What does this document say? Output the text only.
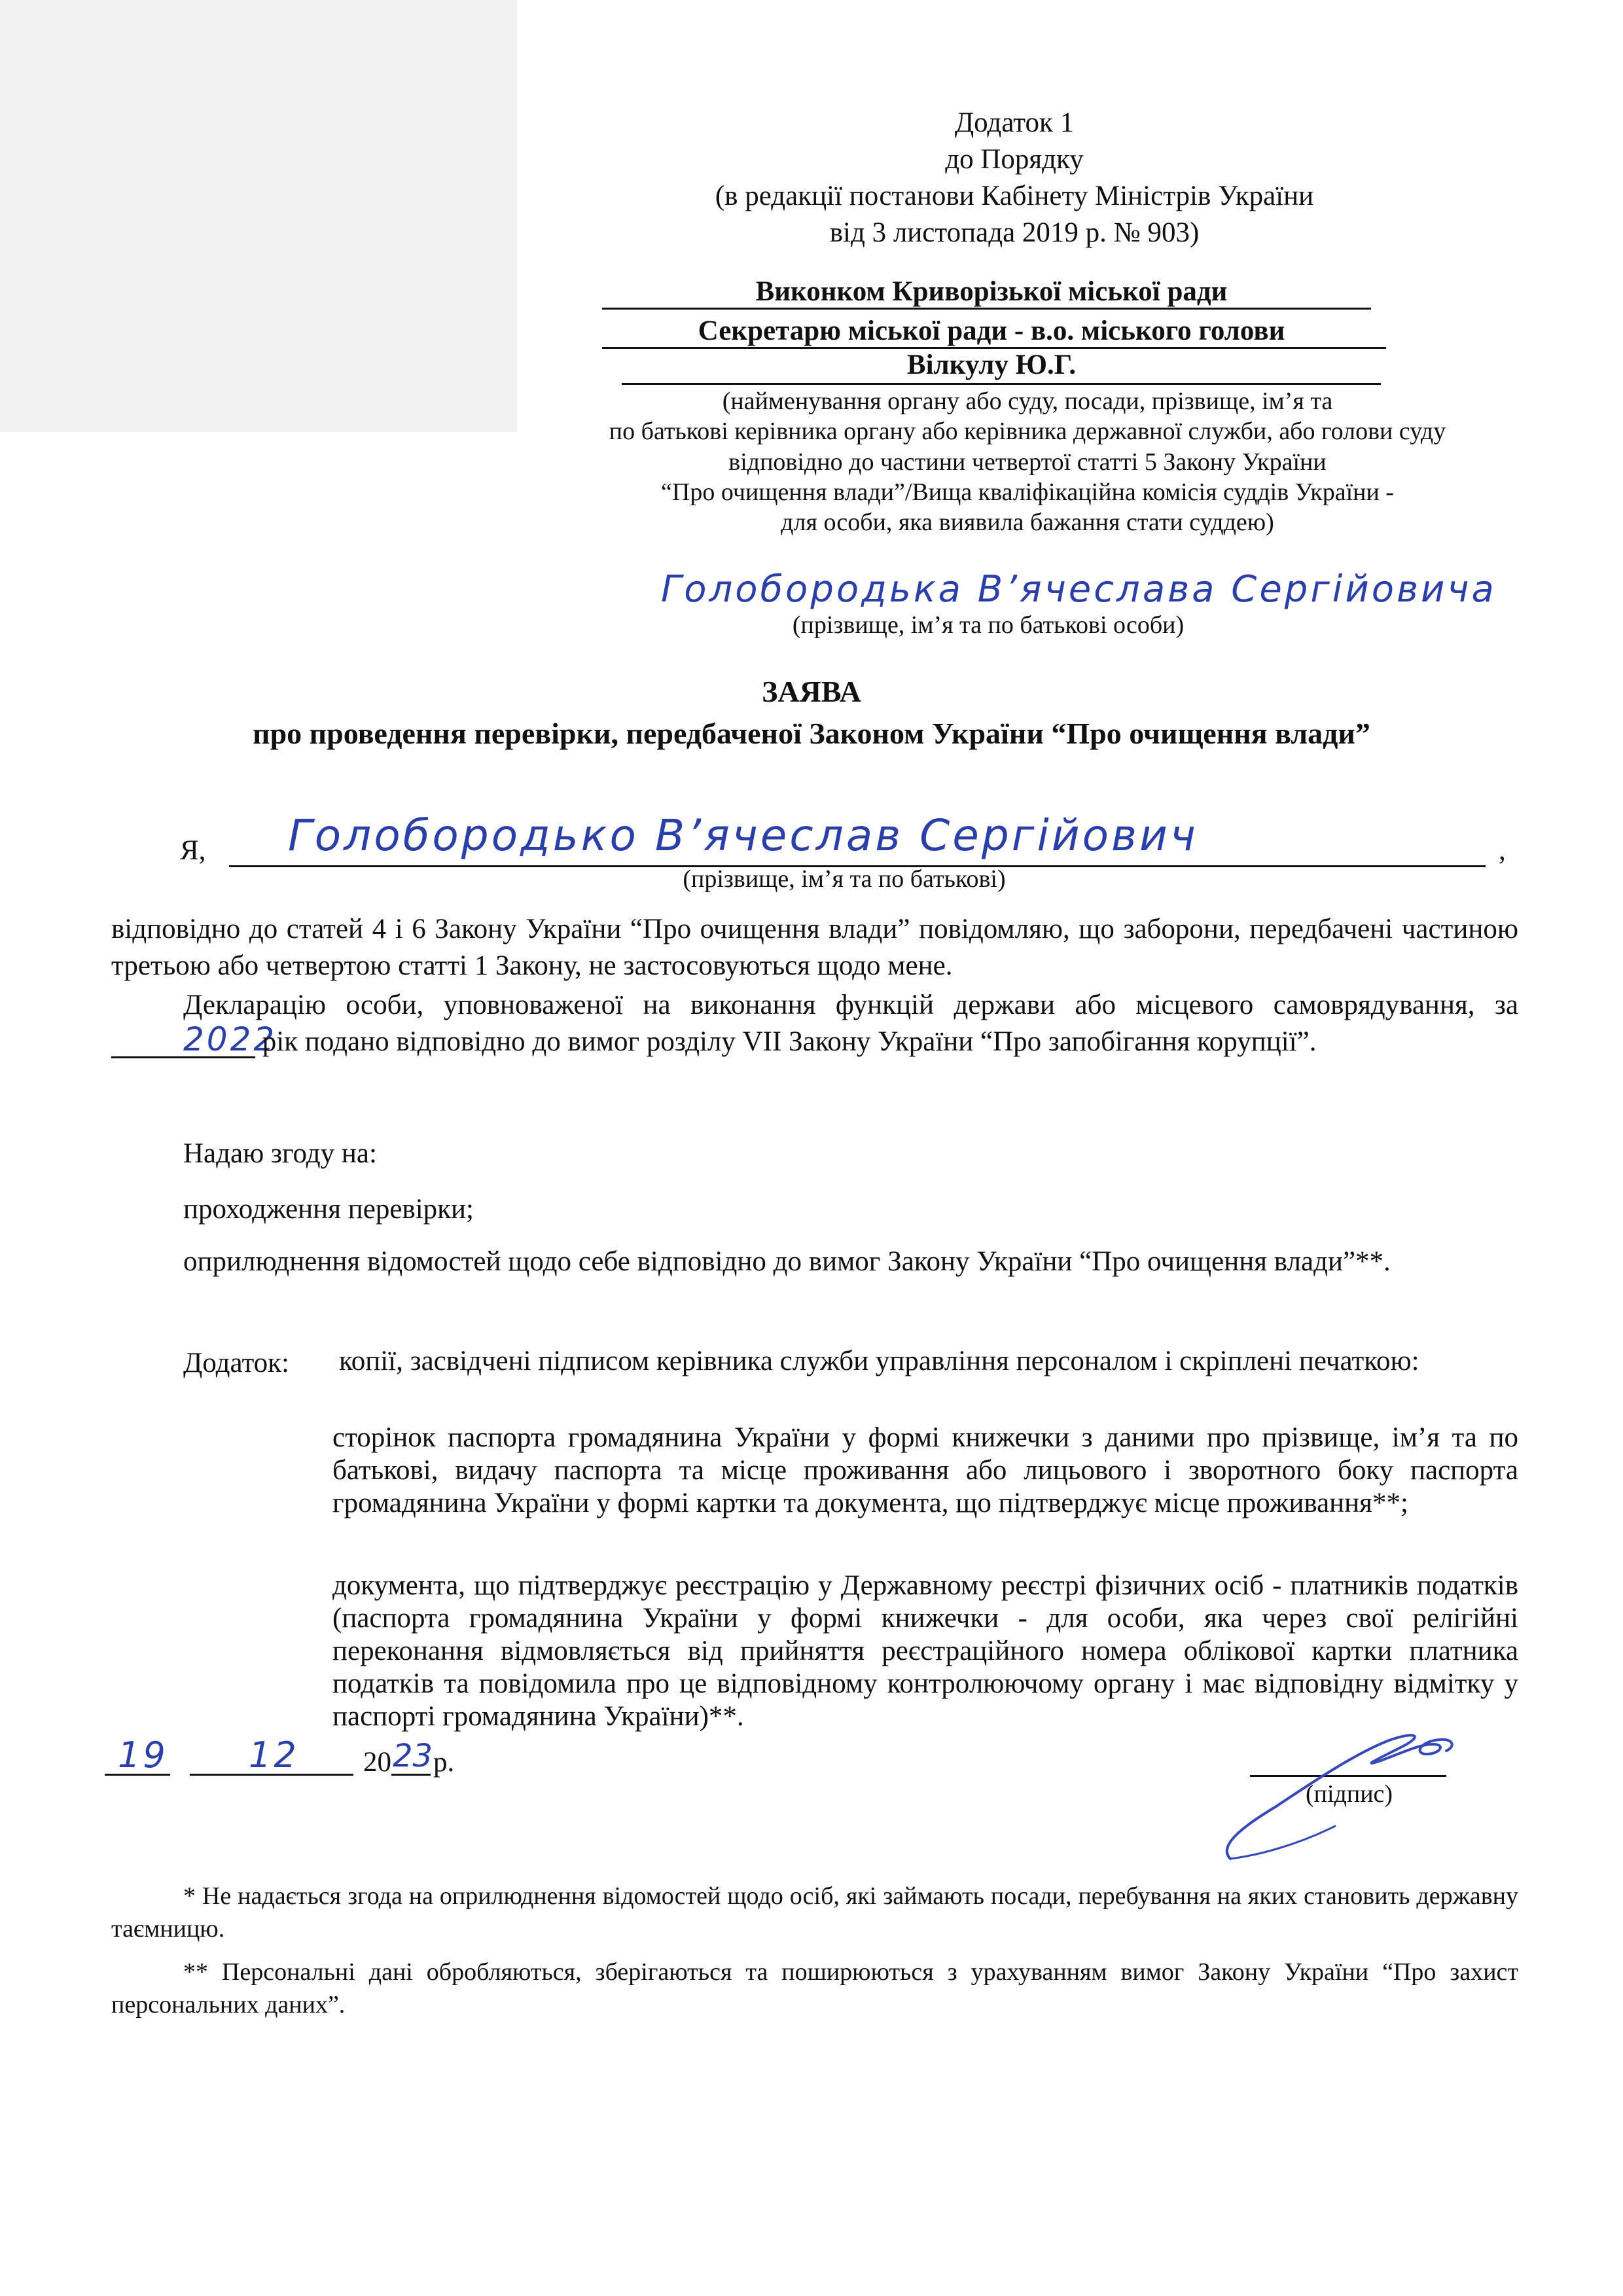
Додаток 1
до Порядку
(в редакції постанови Кабінету Міністрів України
від 3 листопада 2019 р. № 903)
Виконком Криворізької міської ради
Секретарю міської ради - в.о. міського голови
Вілкулу Ю.Г.
(найменування органу або суду, посади, прізвище, ім’я та
по батькові керівника органу або керівника державної служби, або голови суду
відповідно до частини четвертої статті 5 Закону України
“Про очищення влади”/Вища кваліфікаційна комісія суддів України -
для особи, яка виявила бажання стати суддею)
Голобородька В’ячеслава Сергійовича
(прізвище, ім’я та по батькові особи)
ЗАЯВА
про проведення перевірки, передбаченої Законом України “Про очищення влади”
Я, Голобородько В’ячеслав Сергійович	,
(прізвище, ім’я та по батькові)
відповідно до статей 4 і 6 Закону України “Про очищення влади” повідомляю, що заборони, передбачені частиною третьою або четвертою статті 1 Закону, не застосовуються щодо мене.
Декларацію особи, уповноваженої на виконання функцій держави або місцевого самоврядування, за 2022 рік подано відповідно до вимог розділу VII Закону України “Про запобігання корупції”.
Надаю згоду на:
проходження перевірки;
оприлюднення відомостей щодо себе відповідно до вимог Закону України “Про очищення влади”**.
Додаток: копії, засвідчені підписом керівника служби управління персоналом і скріплені печаткою:
сторінок паспорта громадянина України у формі книжечки з даними про прізвище, ім’я та по батькові, видачу паспорта та місце проживання або лицьового і зворотного боку паспорта громадянина України у формі картки та документа, що підтверджує місце проживання**;
документа, що підтверджує реєстрацію у Державному реєстрі фізичних осіб - платників податків (паспорта громадянина України у формі книжечки - для особи, яка через свої релігійні переконання відмовляється від прийняття реєстраційного номера облікової картки платника податків та повідомила про це відповідному контролюючому органу і має відповідну відмітку у паспорті громадянина України)**.
19 12 20 23 р.
(підпис)
* Не надається згода на оприлюднення відомостей щодо осіб, які займають посади, перебування на яких становить державну таємницю.
** Персональні дані обробляються, зберігаються та поширюються з урахуванням вимог Закону України “Про захист персональних даних”.
